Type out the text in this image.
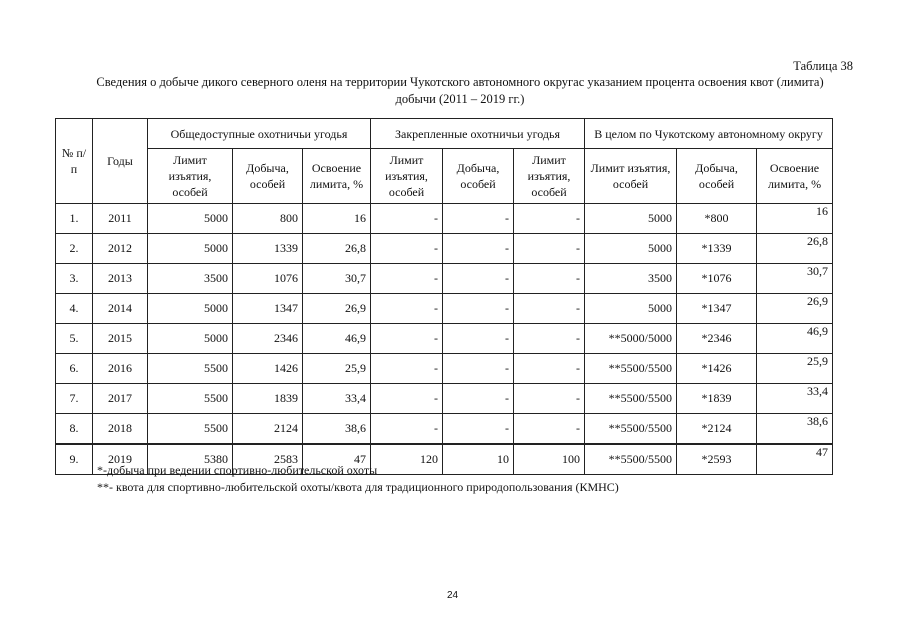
Таблица 38
Сведения о добыче дикого северного оленя на территории Чукотского автономного округас указанием процента освоения квот (лимита)
добычи (2011 – 2019 гг.)
№ п/п	Годы	Общедоступные охотничьи угодья			Закрепленные охотничьи угодья			В целом по Чукотскому автономному округу		
		Лимит изъятия, особей	Добыча, особей	Освоение лимита, %	Лимит изъятия, особей	Добыча, особей	Лимит изъятия, особей	Лимит изъятия, особей	Добыча, особей	Освоение лимита, %
1.	2011	5000	800	16	-	-	-	5000	*800	16
2.	2012	5000	1339	26,8	-	-	-	5000	*1339	26,8
3.	2013	3500	1076	30,7	-	-	-	3500	*1076	30,7
4.	2014	5000	1347	26,9	-	-	-	5000	*1347	26,9
5.	2015	5000	2346	46,9	-	-	-	**5000/5000	*2346	46,9
6.	2016	5500	1426	25,9	-	-	-	**5500/5500	*1426	25,9
7.	2017	5500	1839	33,4	-	-	-	**5500/5500	*1839	33,4
8.	2018	5500	2124	38,6	-	-	-	**5500/5500	*2124	38,6
9.	2019	5380	2583	47	120	10	100	**5500/5500	*2593	47
*-добыча при ведении спортивно-любительской охоты
**- квота для спортивно-любительской охоты/квота для традиционного природопользования (КМНС)
24
